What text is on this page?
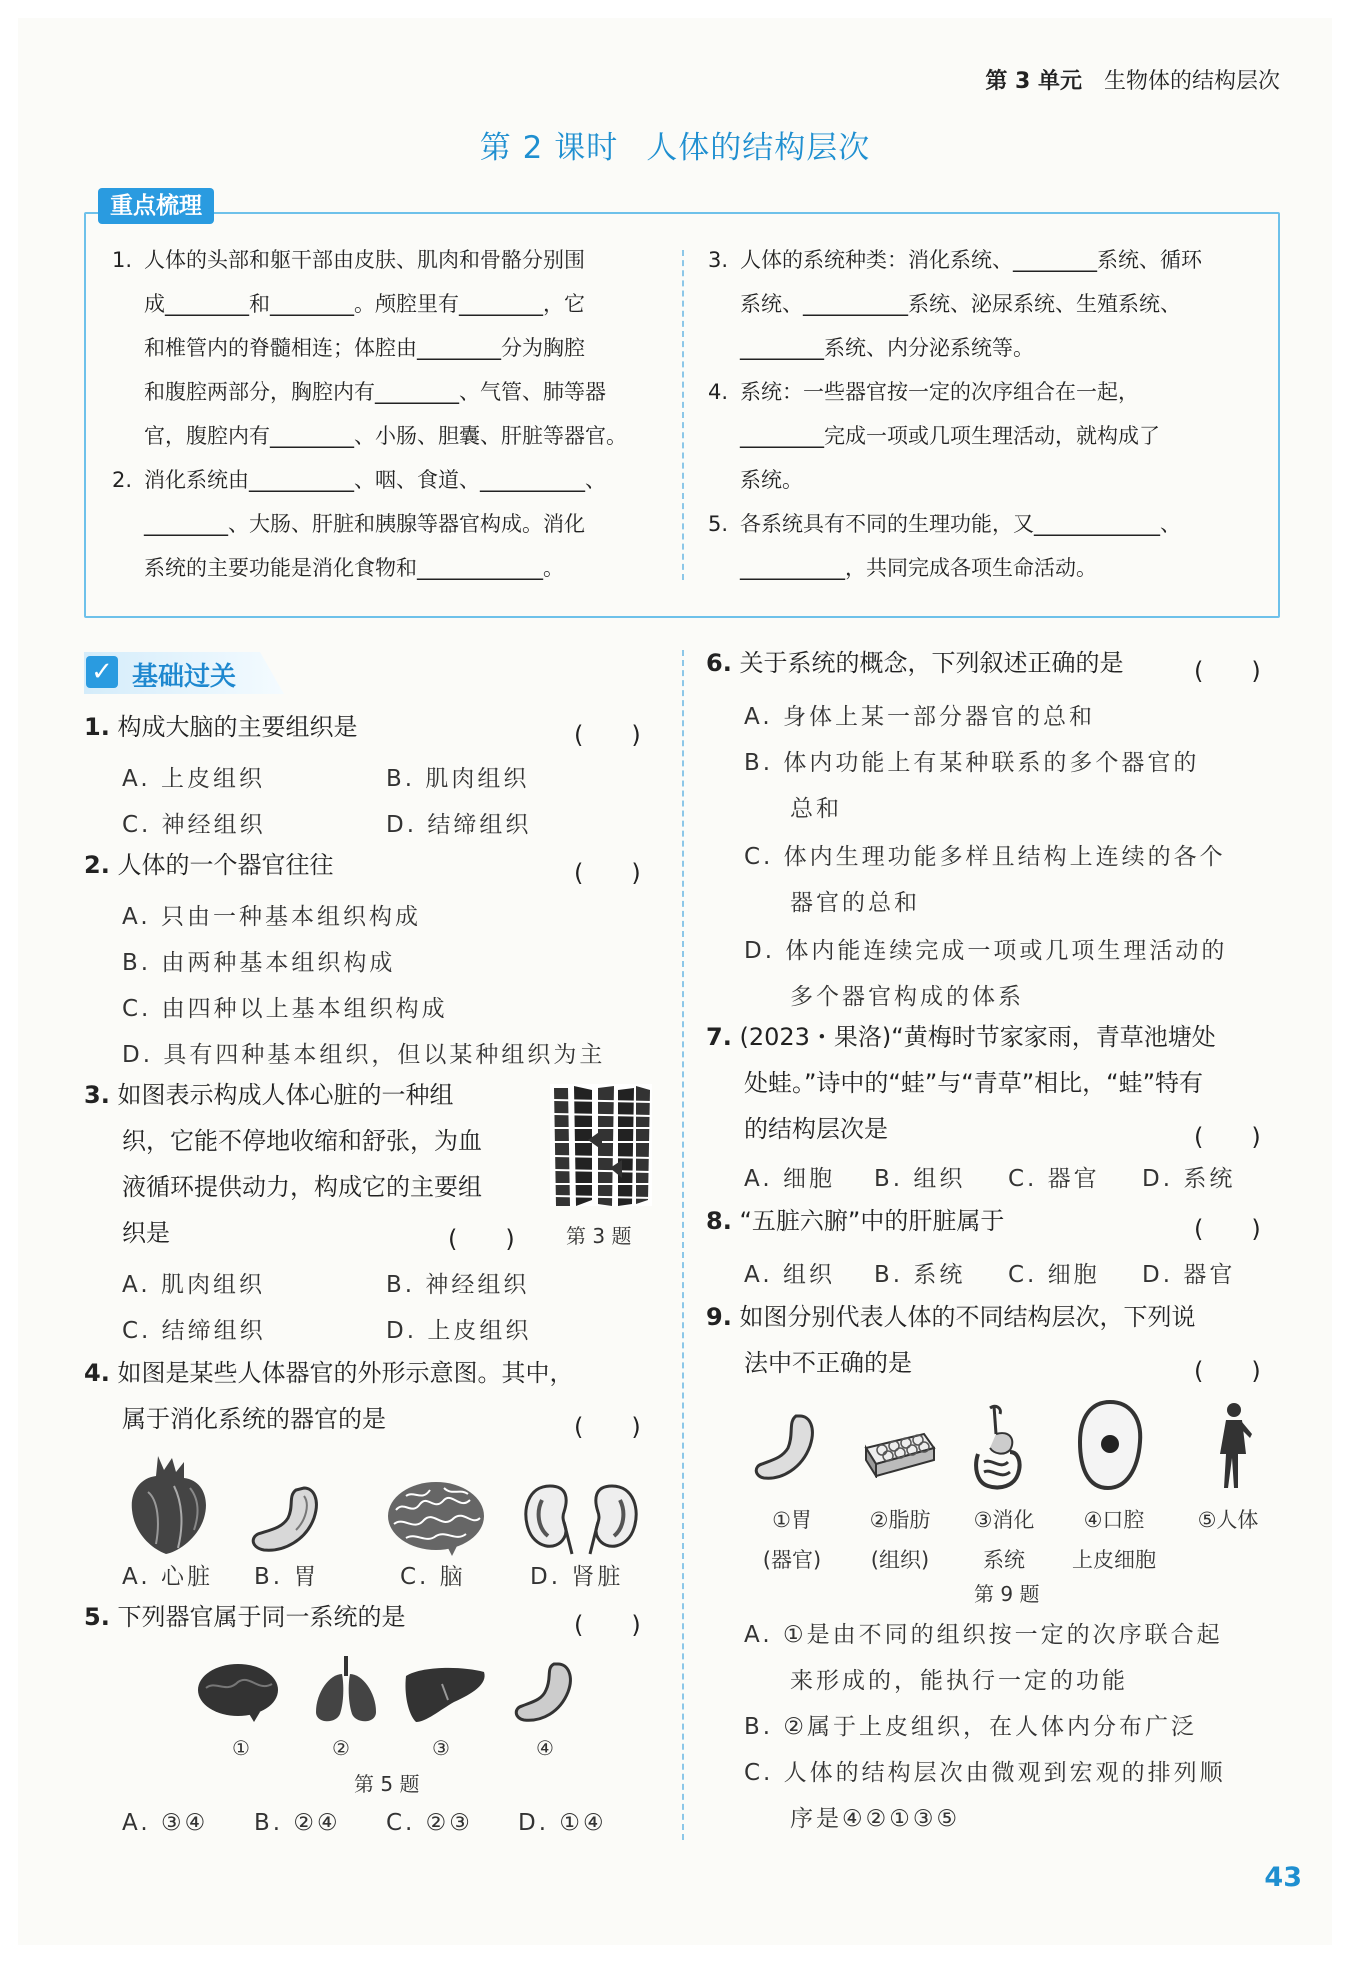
第 3 单元 生物体的结构层次
第 2 课时 人体的结构层次
重点梳理
1. 人体的头部和躯干部由皮肤、肌肉和骨骼分别围
成________和________。颅腔里有________，它
和椎管内的脊髓相连；体腔由________分为胸腔
和腹腔两部分，胸腔内有________、气管、肺等器
官，腹腔内有________、小肠、胆囊、肝脏等器官。
2. 消化系统由__________、咽、食道、__________、
________、大肠、肝脏和胰腺等器官构成。消化
系统的主要功能是消化食物和____________。
3. 人体的系统种类：消化系统、________系统、循环
系统、__________系统、泌尿系统、生殖系统、
________系统、内分泌系统等。
4. 系统：一些器官按一定的次序组合在一起，
________完成一项或几项生理活动，就构成了
系统。
5. 各系统具有不同的生理功能，又____________、
__________，共同完成各项生命活动。
✓ 基础过关
1. 构成大脑的主要组织是	(　　)
A. 上皮组织	B. 肌肉组织
C. 神经组织	D. 结缔组织
2. 人体的一个器官往往	(　　)
A. 只由一种基本组织构成
B. 由两种基本组织构成
C. 由四种以上基本组织构成
D. 具有四种基本组织，但以某种组织为主
3. 如图表示构成人体心脏的一种组
织，它能不停地收缩和舒张，为血
液循环提供动力，构成它的主要组
织是	(　　)	第 3 题
A. 肌肉组织	B. 神经组织
C. 结缔组织	D. 上皮组织
4. 如图是某些人体器官的外形示意图。其中，
属于消化系统的器官的是	(　　)
A. 心脏 B. 胃	C. 脑	D. 肾脏
5. 下列器官属于同一系统的是	(　　)
①	②	③	④
第 5 题
A. ③④ B. ②④ C. ②③ D. ①④
6. 关于系统的概念，下列叙述正确的是	(　　)
A. 身体上某一部分器官的总和
B. 体内功能上有某种联系的多个器官的
总和
C. 体内生理功能多样且结构上连续的各个
器官的总和
D. 体内能连续完成一项或几项生理活动的
多个器官构成的体系
7. (2023・果洛)“黄梅时节家家雨，青草池塘处
处蛙。”诗中的“蛙”与“青草”相比，“蛙”特有
的结构层次是	(　　)
A. 细胞 B. 组织 C. 器官 D. 系统
8. “五脏六腑”中的肝脏属于	(　　)
A. 组织 B. 系统 C. 细胞 D. 器官
9. 如图分别代表人体的不同结构层次，下列说
法中不正确的是	(　　)
①胃
(器官)
②脂肪
(组织)
③消化
系统
④口腔
上皮细胞
⑤人体
第 9 题
A. ①是由不同的组织按一定的次序联合起
来形成的，能执行一定的功能
B. ②属于上皮组织，在人体内分布广泛
C. 人体的结构层次由微观到宏观的排列顺
序是④②①③⑤
43
